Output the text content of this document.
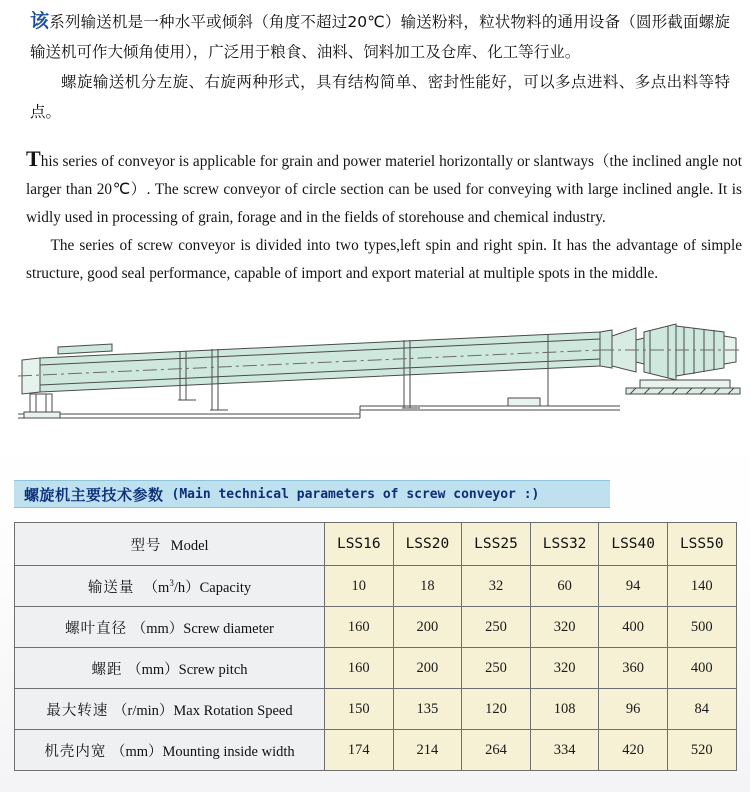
该系列输送机是一种水平或倾斜（角度不超过20℃）输送粉料，粒状物料的通用设备（圆形截面螺旋输送机可作大倾角使用），广泛用于粮食、油料、饲料加工及仓库、化工等行业。

螺旋输送机分左旋、右旋两种形式，具有结构简单、密封性能好，可以多点进料、多点出料等特点。

This series of conveyor is applicable for grain and power materiel horizontally or slantways（the inclined angle not larger than 20℃）. The screw conveyor of circle section can be used for conveying with large inclined angle. It is widly used in processing of grain, forage and in the fields of storehouse and chemical industry.

The series of screw conveyor is divided into two types,left spin and right spin. It has the advantage of simple structure, good seal performance, capable of import and export material at multiple spots in the middle.

螺旋机主要技术参数 (Main technical parameters of screw conveyor :)
型号 Model	LSS16	LSS20	LSS25	LSS32	LSS40	LSS50
输送量 $(m^3/h)Capacity$	10	18	32	60	94	140
螺叶直径 （mm）Screw diameter	160	200	250	320	400	500
螺距 （mm）Screw pitch	160	200	250	320	360	400
最大转速 （r/min）Max Rotation Speed	150	135	120	108	96	84
机壳内宽 （mm）Mounting inside width	174	214	264	334	420	520
